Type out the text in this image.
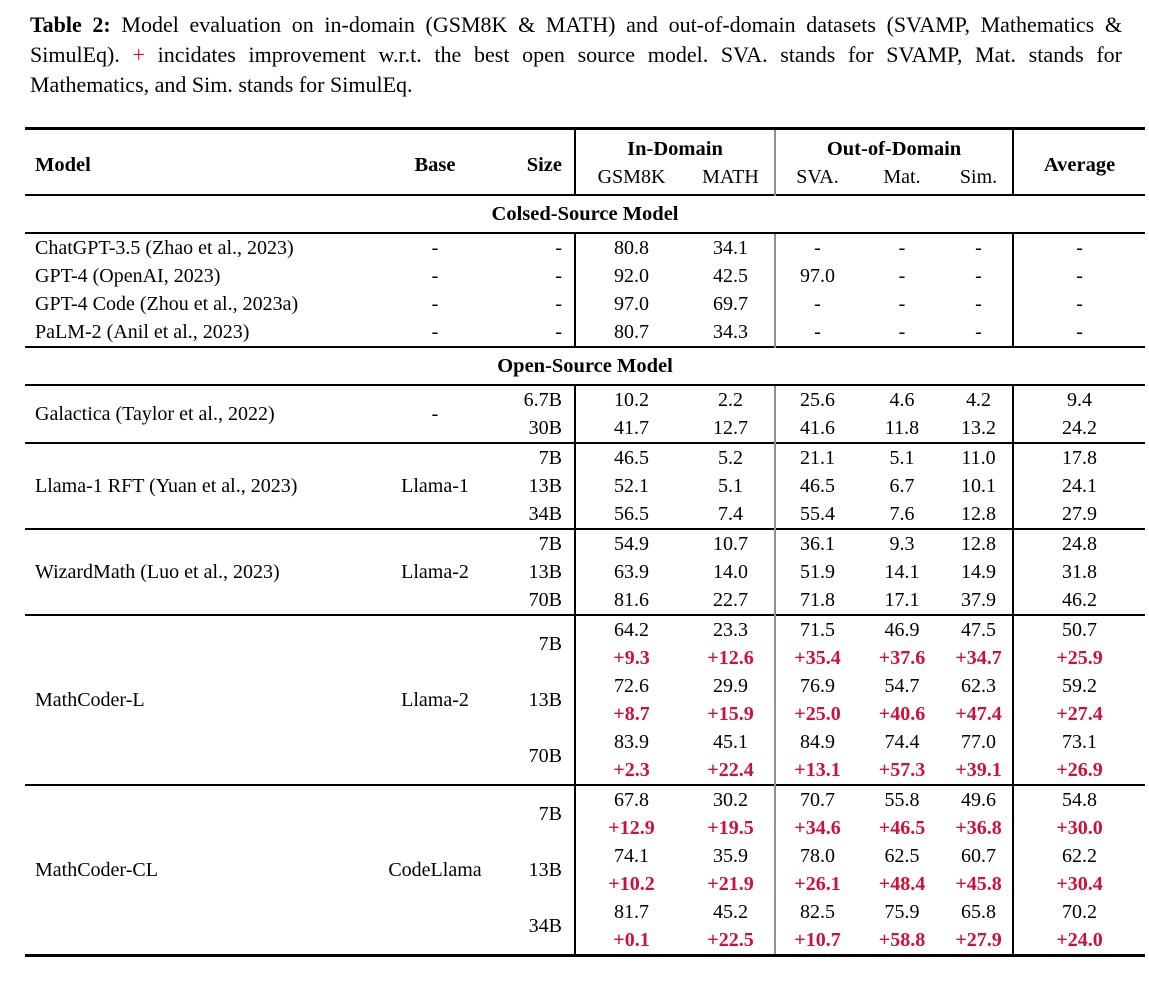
Table 2: Model evaluation on in-domain (GSM8K & MATH) and out-of-domain datasets (SVAMP, Mathematics & SimulEq). + incidates improvement w.r.t. the best open source model. SVA. stands for SVAMP, Mat. stands for Mathematics, and Sim. stands for SimulEq.

Model	Base	Size	In-Domain		Out-of-Domain			Average
			GSM8K	MATH	SVA.	Mat.	Sim.	
Colsed-Source Model								
ChatGPT-3.5 (Zhao et al., 2023)	-	-	80.8	34.1	-	-	-	-
GPT-4 (OpenAI, 2023)	-	-	92.0	42.5	97.0	-	-	-
GPT-4 Code (Zhou et al., 2023a)	-	-	97.0	69.7	-	-	-	-
PaLM-2 (Anil et al., 2023)	-	-	80.7	34.3	-	-	-	-
Open-Source Model								
Galactica (Taylor et al., 2022)	-	6.7B	10.2	2.2	25.6	4.6	4.2	9.4
		30B	41.7	12.7	41.6	11.8	13.2	24.2
Llama-1 RFT (Yuan et al., 2023)	Llama-1	7B	46.5	5.2	21.1	5.1	11.0	17.8
		13B	52.1	5.1	46.5	6.7	10.1	24.1
		34B	56.5	7.4	55.4	7.6	12.8	27.9
WizardMath (Luo et al., 2023)	Llama-2	7B	54.9	10.7	36.1	9.3	12.8	24.8
		13B	63.9	14.0	51.9	14.1	14.9	31.8
		70B	81.6	22.7	71.8	17.1	37.9	46.2
MathCoder-L	Llama-2	7B	64.2	23.3	71.5	46.9	47.5	50.7
			+9.3	+12.6	+35.4	+37.6	+34.7	+25.9
		13B	72.6	29.9	76.9	54.7	62.3	59.2
			+8.7	+15.9	+25.0	+40.6	+47.4	+27.4
		70B	83.9	45.1	84.9	74.4	77.0	73.1
			+2.3	+22.4	+13.1	+57.3	+39.1	+26.9
MathCoder-CL	CodeLlama	7B	67.8	30.2	70.7	55.8	49.6	54.8
			+12.9	+19.5	+34.6	+46.5	+36.8	+30.0
		13B	74.1	35.9	78.0	62.5	60.7	62.2
			+10.2	+21.9	+26.1	+48.4	+45.8	+30.4
		34B	81.7	45.2	82.5	75.9	65.8	70.2
			+0.1	+22.5	+10.7	+58.8	+27.9	+24.0
